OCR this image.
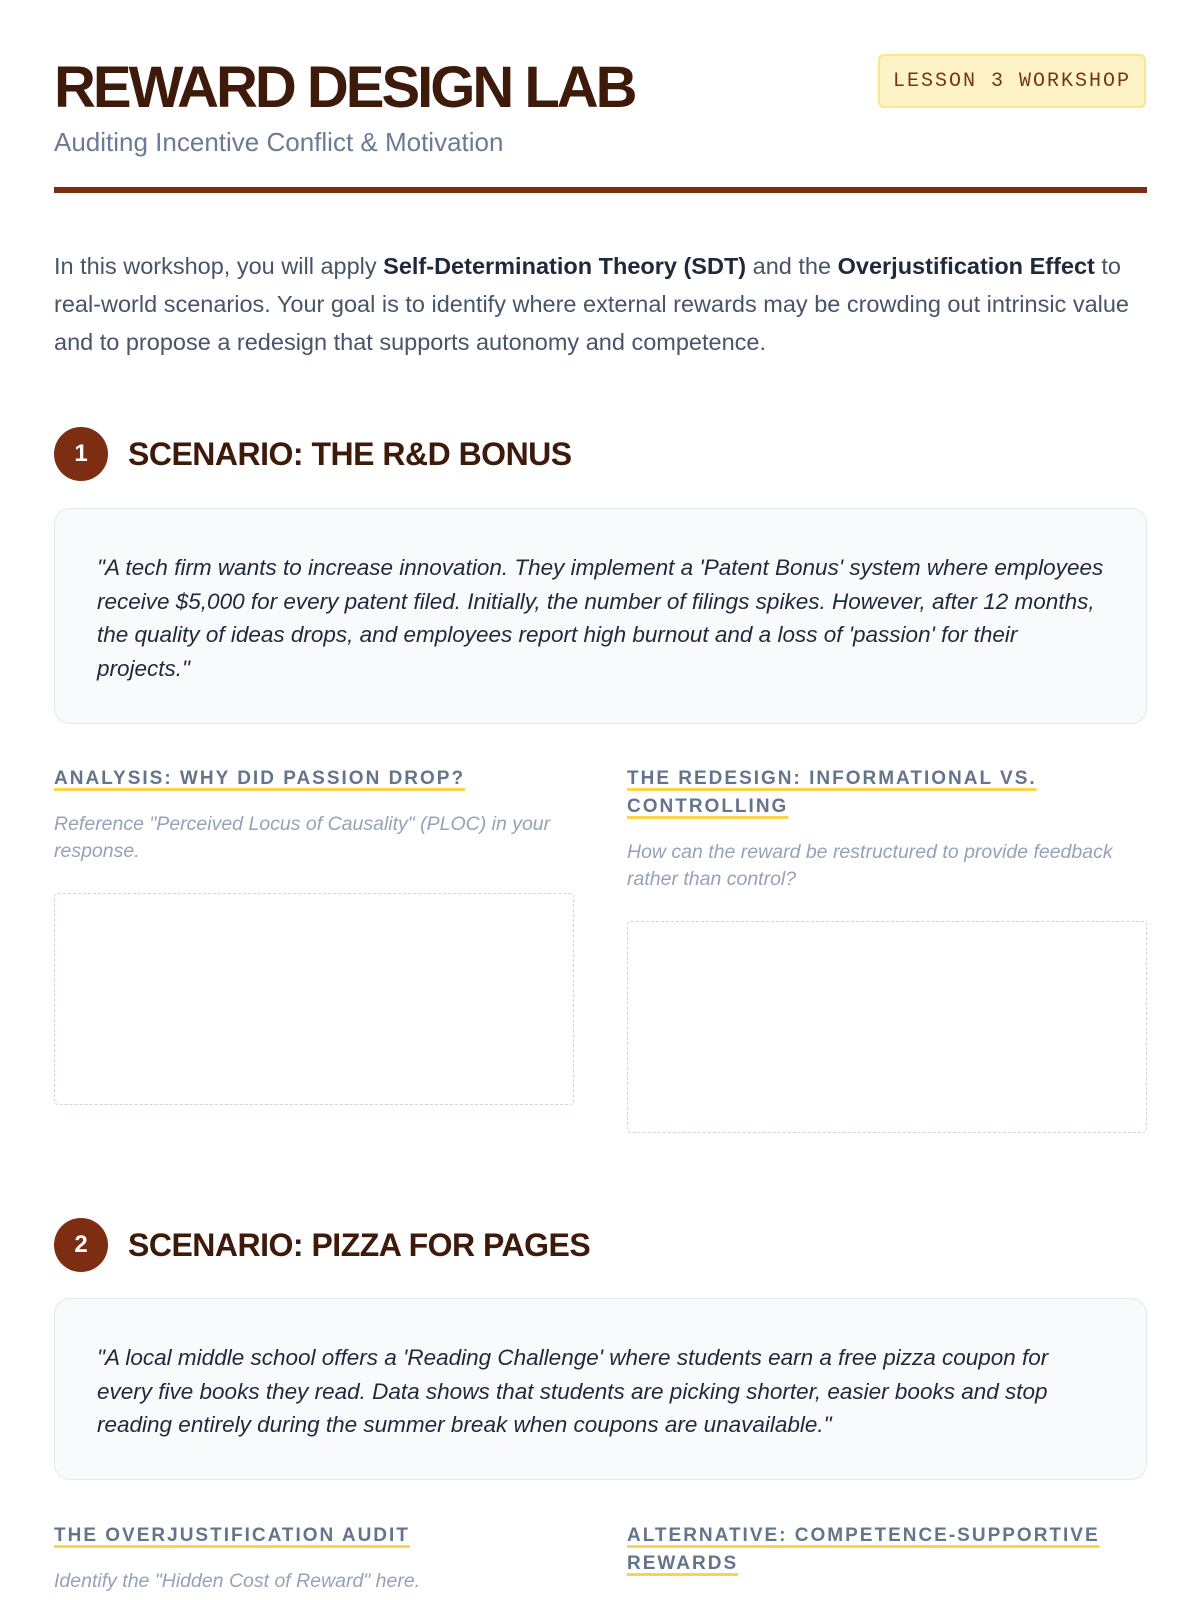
REWARD DESIGN LAB

Auditing Incentive Conflict & Motivation

LESSON 3 WORKSHOP

In this workshop, you will apply Self-Determination Theory (SDT) and the Overjustification Effect to real-world scenarios. Your goal is to identify where external rewards may be crowding out intrinsic value and to propose a redesign that supports autonomy and competence.

1	SCENARIO: THE R&D BONUS

"A tech firm wants to increase innovation. They implement a 'Patent Bonus' system where employees receive $5,000 for every patent filed. Initially, the number of filings spikes. However, after 12 months, the quality of ideas drops, and employees report high burnout and a loss of 'passion' for their projects."

ANALYSIS: WHY DID PASSION DROP?

Reference "Perceived Locus of Causality" (PLOC) in your response.

THE REDESIGN: INFORMATIONAL VS. CONTROLLING

How can the reward be restructured to provide feedback rather than control?

2	SCENARIO: PIZZA FOR PAGES

"A local middle school offers a 'Reading Challenge' where students earn a free pizza coupon for every five books they read. Data shows that students are picking shorter, easier books and stop reading entirely during the summer break when coupons are unavailable."

THE OVERJUSTIFICATION AUDIT

Identify the "Hidden Cost of Reward" here.

ALTERNATIVE: COMPETENCE-SUPPORTIVE REWARDS
